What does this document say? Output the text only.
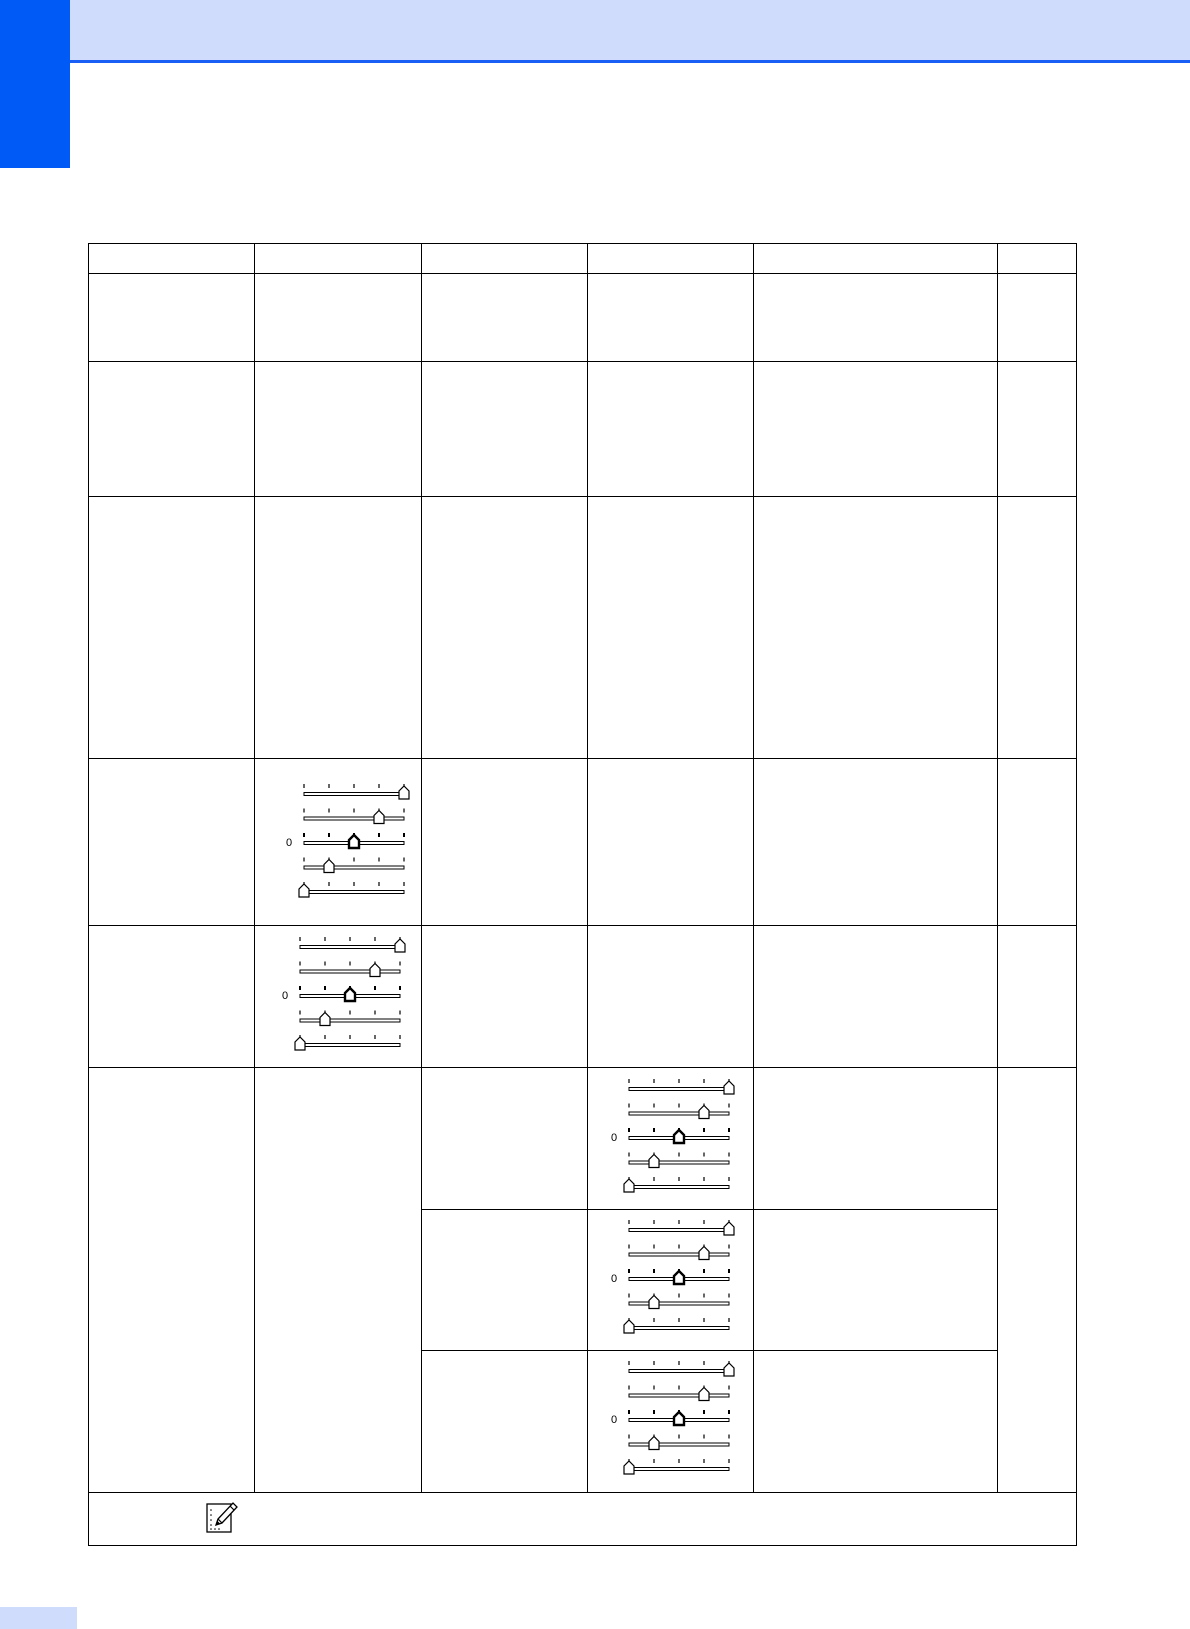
0
0
0
0
0
